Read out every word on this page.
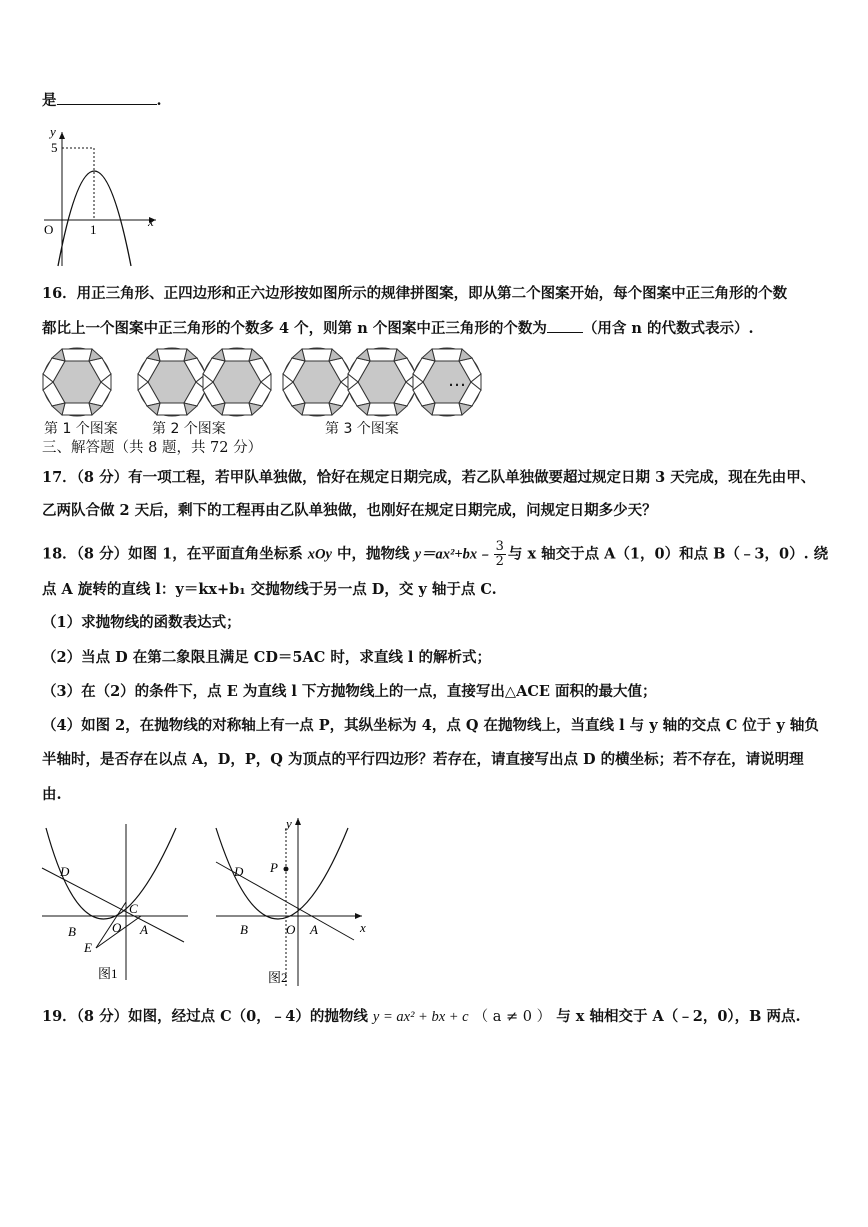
是	.
y
x
O
5
1
16．用正三角形、正四边形和正六边形按如图所示的规律拼图案，即从第二个图案开始，每个图案中正三角形的个数
都比上一个图案中正三角形的个数多 4 个，则第 n 个图案中正三角形的个数为 （用含 n 的代数式表示）.
…
第 1 个图案 第 2 个图案	第 3 个图案
三、解答题（共 8 题，共 72 分）
17．（8 分）有一项工程，若甲队单独做，恰好在规定日期完成，若乙队单独做要超过规定日期 3 天完成，现在先由甲、
乙两队合做 2 天后，剩下的工程再由乙队单独做，也刚好在规定日期完成，问规定日期多少天？
18．（8 分）如图 1，在平面直角坐标系 xOy 中，抛物线 y＝ax²+bx﹣ $\frac{3}{2}$ 与 x 轴交于点 A（1，0）和点 B（﹣3，0）. 绕
点 A 旋转的直线 l：y＝kx+b₁ 交抛物线于另一点 D，交 y 轴于点 C.
（1）求抛物线的函数表达式；
（2）当点 D 在第二象限且满足 CD＝5AC 时，求直线 l 的解析式；
（3）在（2）的条件下，点 E 为直线 l 下方抛物线上的一点，直接写出△ACE 面积的最大值；
（4）如图 2，在抛物线的对称轴上有一点 P，其纵坐标为 4，点 Q 在抛物线上，当直线 l 与 y 轴的交点 C 位于 y 轴负
半轴时，是否存在以点 A，D，P，Q 为顶点的平行四边形？若存在，请直接写出点 D 的横坐标；若不存在，请说明理
由.
D
C
B	O A
E
图1
y
P
D
B	O A	x
图2
19．（8 分）如图，经过点 C（0，﹣4）的抛物线 y = ax² + bx + c （ a ≠ 0 ） 与 x 轴相交于 A（﹣2，0），B 两点.
